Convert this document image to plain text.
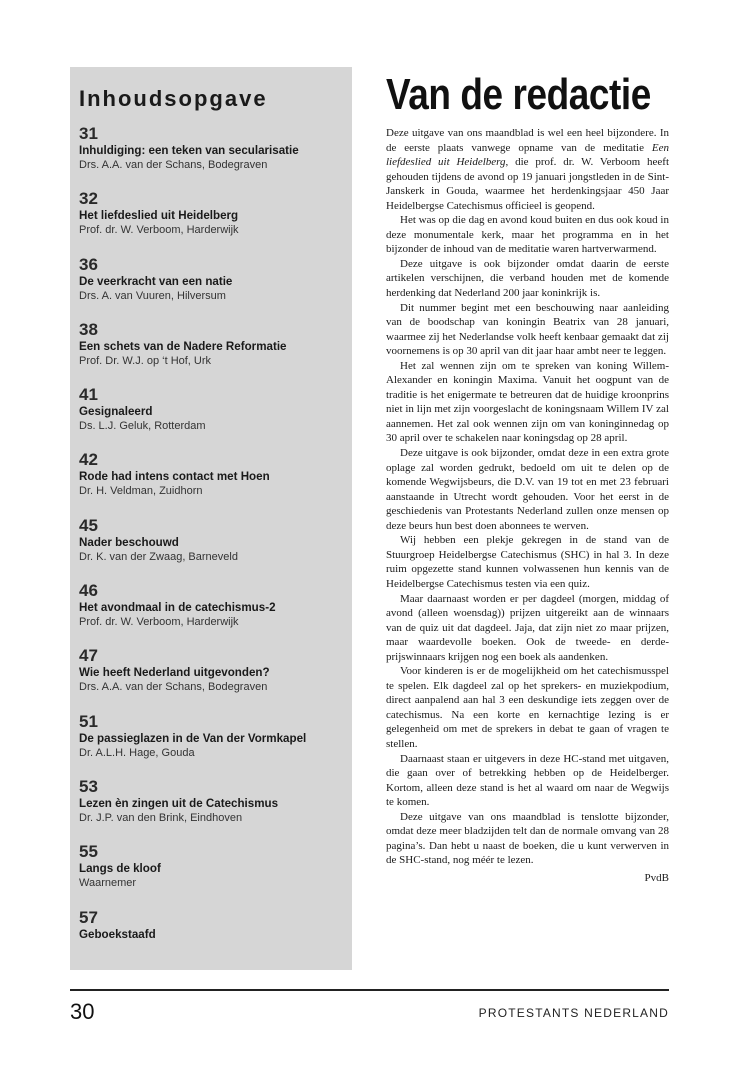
Inhoudsopgave
31
Inhuldiging: een teken van secularisatie
Drs. A.A. van der Schans, Bodegraven
32
Het liefdeslied uit Heidelberg
Prof. dr. W. Verboom, Harderwijk
36
De veerkracht van een natie
Drs. A. van Vuuren, Hilversum
38
Een schets van de Nadere Reformatie
Prof. Dr. W.J. op ‘t Hof, Urk
41
Gesignaleerd
Ds. L.J. Geluk, Rotterdam
42
Rode had intens contact met Hoen
Dr. H. Veldman, Zuidhorn
45
Nader beschouwd
Dr. K. van der Zwaag, Barneveld
46
Het avondmaal in de catechismus-2
Prof. dr. W. Verboom, Harderwijk
47
Wie heeft Nederland uitgevonden?
Drs. A.A. van der Schans, Bodegraven
51
De passieglazen in de Van der Vormkapel
Dr. A.L.H. Hage, Gouda
53
Lezen èn zingen uit de Catechismus
Dr. J.P. van den Brink, Eindhoven
55
Langs de kloof
Waarnemer
57
Geboekstaafd
Van de redactie

Deze uitgave van ons maandblad is wel een heel bijzondere. In de eerste plaats vanwege opname van de meditatie Een liefdeslied uit Heidelberg, die prof. dr. W. Verboom heeft gehouden tijdens de avond op 19 januari jongstleden in de Sint-Janskerk in Gouda, waarmee het herdenkingsjaar 450 Jaar Heidelbergse Catechismus officieel is geopend.

Het was op die dag en avond koud buiten en dus ook koud in deze monumentale kerk, maar het programma en in het bijzonder de inhoud van de meditatie waren hartverwarmend.

Deze uitgave is ook bijzonder omdat daarin de eerste artikelen verschijnen, die verband houden met de komende herdenking dat Nederland 200 jaar koninkrijk is.

Dit nummer begint met een beschouwing naar aanleiding van de boodschap van koningin Beatrix van 28 januari, waarmee zij het Nederlandse volk heeft kenbaar gemaakt dat zij voornemens is op 30 april van dit jaar haar ambt neer te leggen.

Het zal wennen zijn om te spreken van koning Willem-Alexander en koningin Maxima. Vanuit het oogpunt van de traditie is het enigermate te betreuren dat de huidige kroonprins niet in lijn met zijn voorgeslacht de koningsnaam Willem IV zal aannemen. Het zal ook wennen zijn om van koninginnedag op 30 april over te schakelen naar koningsdag op 28 april.

Deze uitgave is ook bijzonder, omdat deze in een extra grote oplage zal worden gedrukt, bedoeld om uit te delen op de komende Wegwijsbeurs, die D.V. van 19 tot en met 23 februari aanstaande in Utrecht wordt gehouden. Voor het eerst in de geschiedenis van Protestants Nederland zullen onze mensen op deze beurs hun best doen abonnees te werven.

Wij hebben een plekje gekregen in de stand van de Stuurgroep Heidelbergse Catechismus (SHC) in hal 3. In deze ruim opgezette stand kunnen volwassenen hun kennis van de Heidelbergse Catechismus testen via een quiz.

Maar daarnaast worden er per dagdeel (morgen, middag of avond (alleen woensdag)) prijzen uitgereikt aan de winnaars van de quiz uit dat dagdeel. Jaja, dat zijn niet zo maar prijzen, maar waardevolle boeken. Ook de tweede- en derde-prijswinnaars krijgen nog een boek als aandenken.

Voor kinderen is er de mogelijkheid om het catechismusspel te spelen. Elk dagdeel zal op het sprekers- en muziekpodium, direct aanpalend aan hal 3 een deskundige iets zeggen over de catechismus. Na een korte en kernachtige lezing is er gelegenheid om met de sprekers in debat te gaan of vragen te stellen.

Daarnaast staan er uitgevers in deze HC-stand met uitgaven, die gaan over of betrekking hebben op de Heidelberger. Kortom, alleen deze stand is het al waard om naar de Wegwijs te komen.

Deze uitgave van ons maandblad is tenslotte bijzonder, omdat deze meer bladzijden telt dan de normale omvang van 28 pagina’s. Dan hebt u naast de boeken, die u kunt verwerven in de SHC-stand, nog méér te lezen.

PvdB
30	PROTESTANTS NEDERLAND
